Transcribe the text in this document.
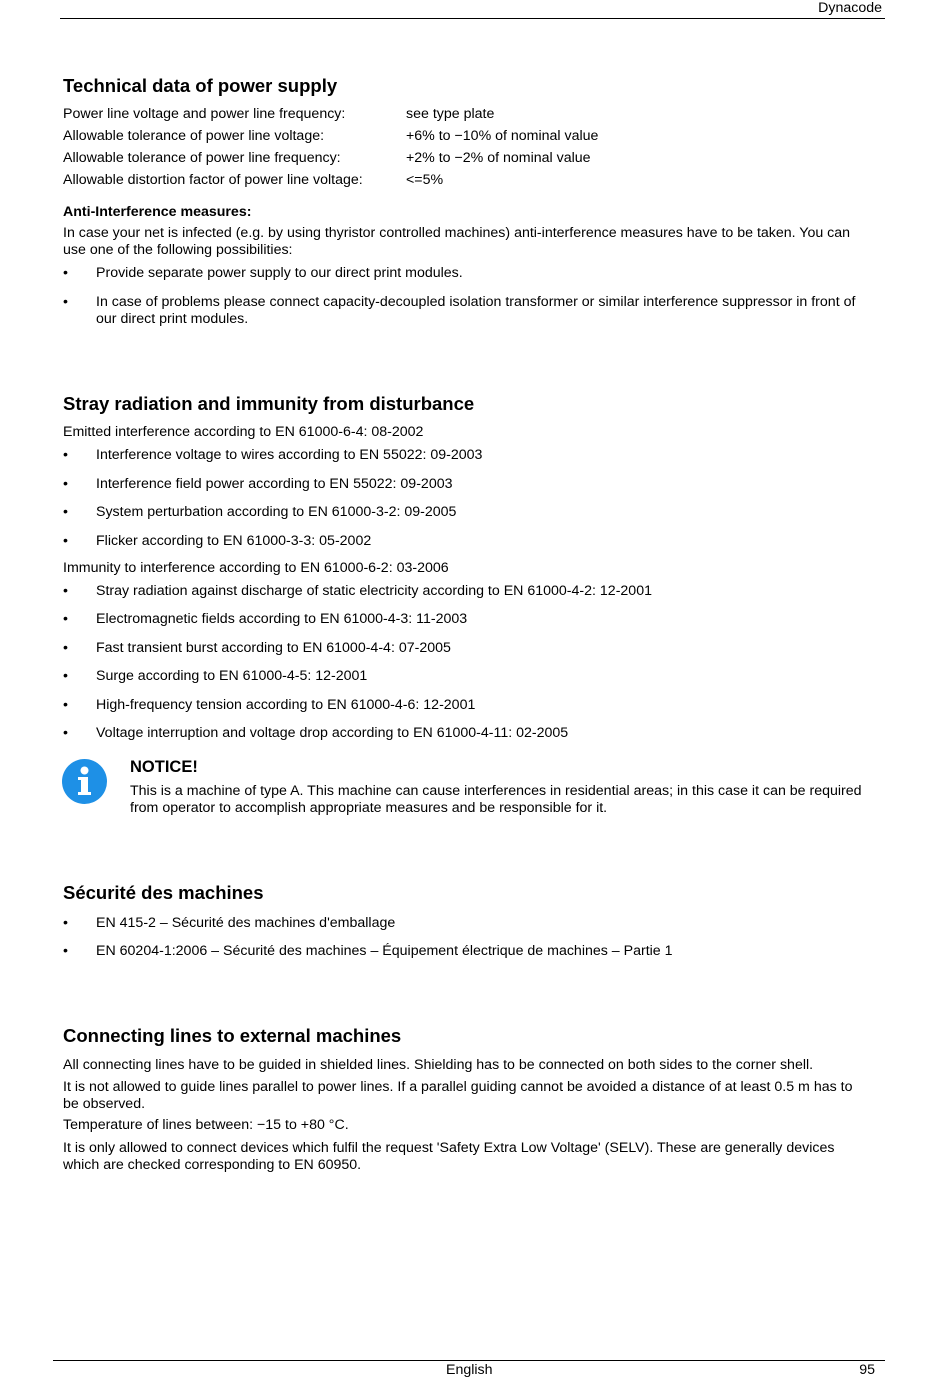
Dynacode
Technical data of power supply
Power line voltage and power line frequency:	see type plate
Allowable tolerance of power line voltage:	+6% to −10% of nominal value
Allowable tolerance of power line frequency:	+2% to −2% of nominal value
Allowable distortion factor of power line voltage:	<=5%
Anti-Interference measures:
In case your net is infected (e.g. by using thyristor controlled machines) anti-interference measures have to be taken. You can
use one of the following possibilities:
•	Provide separate power supply to our direct print modules.
•	In case of problems please connect capacity-decoupled isolation transformer or similar interference suppressor in front of
our direct print modules.
Stray radiation and immunity from disturbance
Emitted interference according to EN 61000-6-4: 08-2002
•	Interference voltage to wires according to EN 55022: 09-2003
•	Interference field power according to EN 55022: 09-2003
•	System perturbation according to EN 61000-3-2: 09-2005
•	Flicker according to EN 61000-3-3: 05-2002
Immunity to interference according to EN 61000-6-2: 03-2006
•	Stray radiation against discharge of static electricity according to EN 61000-4-2: 12-2001
•	Electromagnetic fields according to EN 61000-4-3: 11-2003
•	Fast transient burst according to EN 61000-4-4: 07-2005
•	Surge according to EN 61000-4-5: 12-2001
•	High-frequency tension according to EN 61000-4-6: 12-2001
•	Voltage interruption and voltage drop according to EN 61000-4-11: 02-2005
Sécurité des machines
•	EN 415-2 – Sécurité des machines d'emballage
•	EN 60204-1:2006 – Sécurité des machines – Équipement électrique de machines – Partie 1
Connecting lines to external machines
All connecting lines have to be guided in shielded lines. Shielding has to be connected on both sides to the corner shell.
It is not allowed to guide lines parallel to power lines. If a parallel guiding cannot be avoided a distance of at least 0.5 m has to
be observed.
Temperature of lines between: −15 to +80 °C.
It is only allowed to connect devices which fulfil the request 'Safety Extra Low Voltage' (SELV). These are generally devices
which are checked corresponding to EN 60950.
NOTICE!
This is a machine of type A. This machine can cause interferences in residential areas; in this case it can be required
from operator to accomplish appropriate measures and be responsible for it.
English	95
